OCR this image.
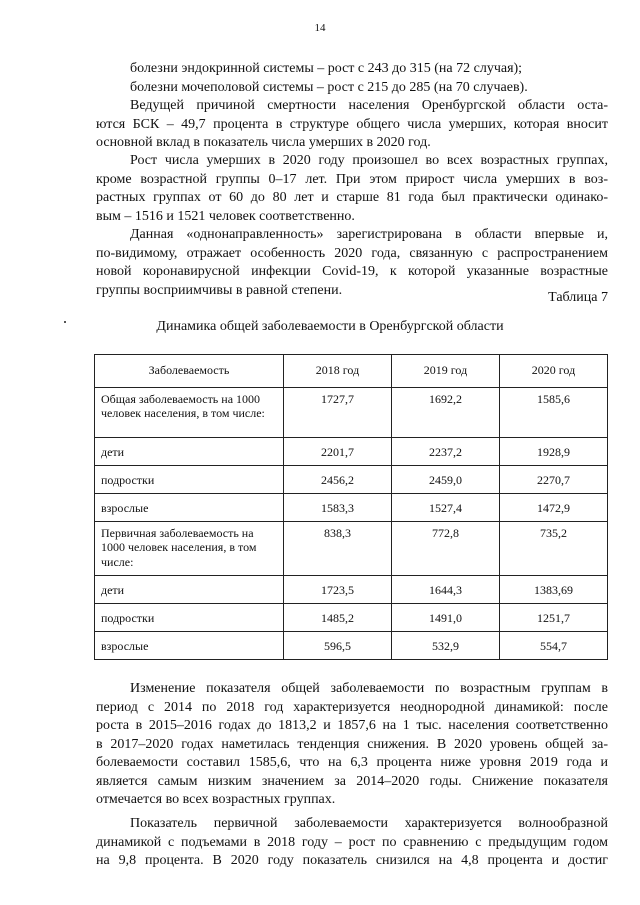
14
болезни эндокринной системы – рост с 243 до 315 (на 72 случая);
болезни мочеполовой системы – рост с 215 до 285 (на 70 случаев).
Ведущей причиной смертности населения Оренбургской области оста-
ются БСК – 49,7 процента в структуре общего числа умерших, которая вносит
основной вклад в показатель числа умерших в 2020 год.
Рост числа умерших в 2020 году произошел во всех возрастных группах,
кроме возрастной группы 0–17 лет. При этом прирост числа умерших в воз-
растных группах от 60 до 80 лет и старше 81 года был практически одинако-
вым – 1516 и 1521 человек соответственно.
Данная «однонаправленность» зарегистрирована в области впервые и,
по-видимому, отражает особенность 2020 года, связанную с распространением
новой коронавирусной инфекции Covid-19, к которой указанные возрастные
группы восприимчивы в равной степени.	Таблица 7
Динамика общей заболеваемости в Оренбургской области
Заболеваемость	2018 год	2019 год	2020 год
Общая заболеваемость на 1000 человек населения, в том числе:	1727,7	1692,2	1585,6
дети	2201,7	2237,2	1928,9
подростки	2456,2	2459,0	2270,7
взрослые	1583,3	1527,4	1472,9
Первичная заболеваемость на 1000 человек населения, в том числе:	838,3	772,8	735,2
дети	1723,5	1644,3	1383,69
подростки	1485,2	1491,0	1251,7
взрослые	596,5	532,9	554,7
Изменение показателя общей заболеваемости по возрастным группам в
период с 2014 по 2018 год характеризуется неоднородной динамикой: после
роста в 2015–2016 годах до 1813,2 и 1857,6 на 1 тыс. населения соответственно
в 2017–2020 годах наметилась тенденция снижения. В 2020 уровень общей за-
болеваемости составил 1585,6, что на 6,3 процента ниже уровня 2019 года и
является самым низким значением за 2014–2020 годы. Снижение показателя
отмечается во всех возрастных группах.
Показатель первичной заболеваемости характеризуется волнообразной
динамикой с подъемами в 2018 году – рост по сравнению с предыдущим годом
на 9,8 процента. В 2020 году показатель снизился на 4,8 процента и достиг
